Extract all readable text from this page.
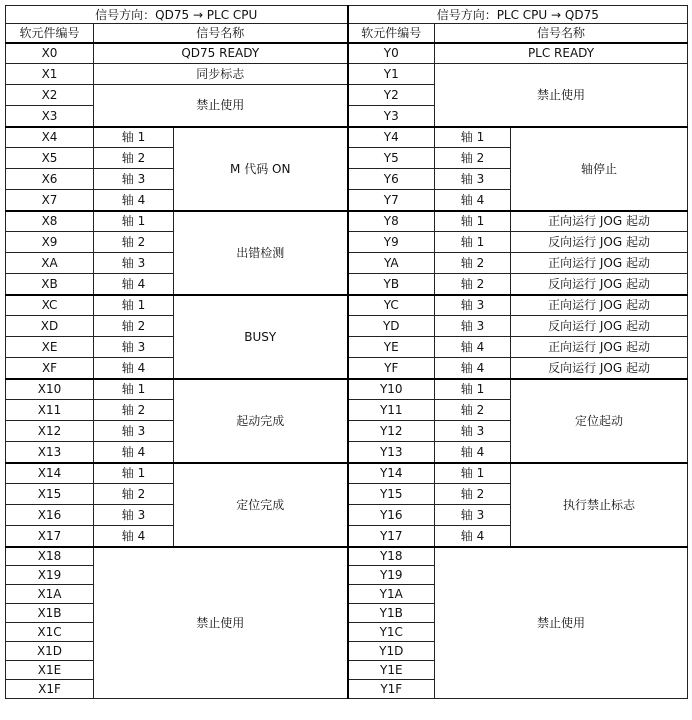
信号方向：QD75 → PLC CPU			信号方向：PLC CPU → QD75		
软元件编号	信号名称		软元件编号	信号名称	
X0	QD75 READY		Y0	PLC READY	
X1	同步标志		Y1	禁止使用	
X2	禁止使用		Y2		
X3			Y3		
X4	轴 1	M 代码 ON	Y4	轴 1	轴停止
X5	轴 2		Y5	轴 2	
X6	轴 3		Y6	轴 3	
X7	轴 4		Y7	轴 4	
X8	轴 1	出错检测	Y8	轴 1	正向运行 JOG 起动
X9	轴 2		Y9	轴 1	反向运行 JOG 起动
XA	轴 3		YA	轴 2	正向运行 JOG 起动
XB	轴 4		YB	轴 2	反向运行 JOG 起动
XC	轴 1	BUSY	YC	轴 3	正向运行 JOG 起动
XD	轴 2		YD	轴 3	反向运行 JOG 起动
XE	轴 3		YE	轴 4	正向运行 JOG 起动
XF	轴 4		YF	轴 4	反向运行 JOG 起动
X10	轴 1	起动完成	Y10	轴 1	定位起动
X11	轴 2		Y11	轴 2	
X12	轴 3		Y12	轴 3	
X13	轴 4		Y13	轴 4	
X14	轴 1	定位完成	Y14	轴 1	执行禁止标志
X15	轴 2		Y15	轴 2	
X16	轴 3		Y16	轴 3	
X17	轴 4		Y17	轴 4	
X18	禁止使用		Y18	禁止使用	
X19			Y19		
X1A			Y1A		
X1B			Y1B		
X1C			Y1C		
X1D			Y1D		
X1E			Y1E		
X1F			Y1F		
